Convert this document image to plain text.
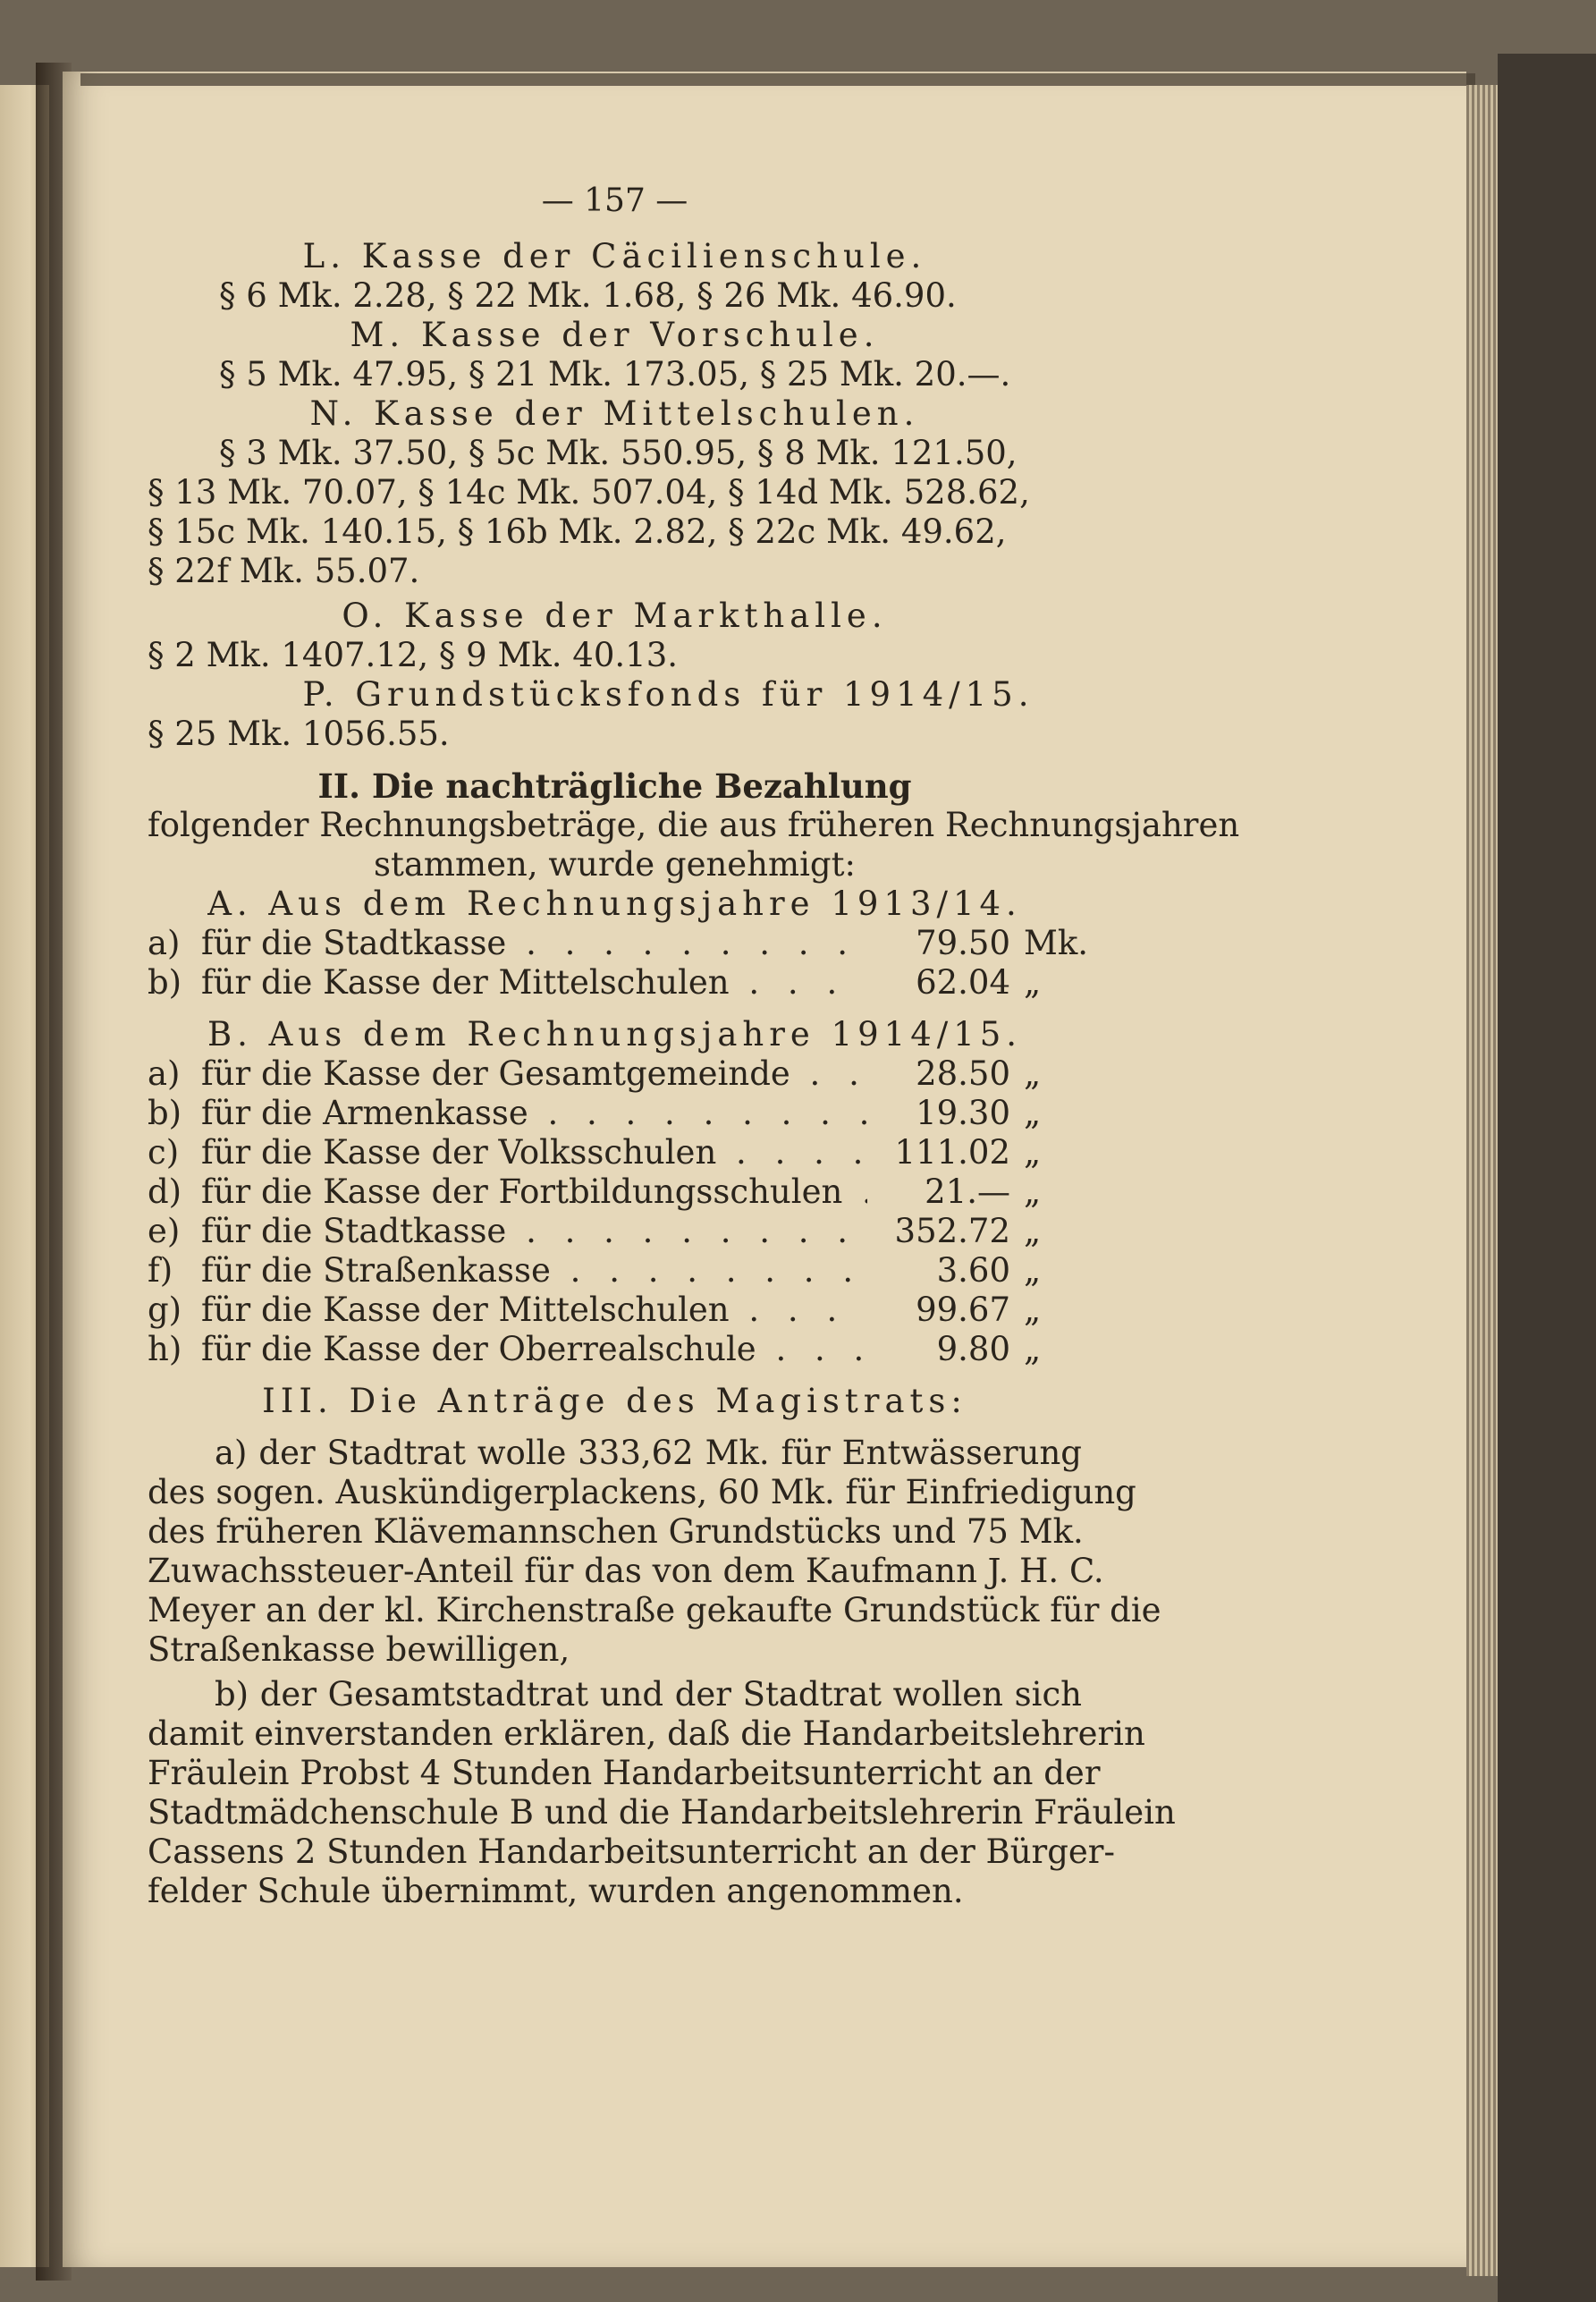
— 157 —
L. Kasse der Cäcilienschule.
§ 6 Mk. 2.28, § 22 Mk. 1.68, § 26 Mk. 46.90.
M. Kasse der Vorschule.
§ 5 Mk. 47.95, § 21 Mk. 173.05, § 25 Mk. 20.—.
N. Kasse der Mittelschulen.
§ 3 Mk. 37.50, § 5c Mk. 550.95, § 8 Mk. 121.50,
§ 13 Mk. 70.07, § 14c Mk. 507.04, § 14d Mk. 528.62,
§ 15c Mk. 140.15, § 16b Mk. 2.82, § 22c Mk. 49.62,
§ 22f Mk. 55.07.
O. Kasse der Markthalle.
§ 2 Mk. 1407.12, § 9 Mk. 40.13.
P. Grundstücksfonds für 1914/15.
§ 25 Mk. 1056.55.
II. Die nachträgliche Bezahlung
folgender Rechnungsbeträge, die aus früheren Rechnungsjahren
stammen, wurde genehmigt:
A. Aus dem Rechnungsjahre 1913/14.
a) für die Stadtkasse . . .	79.50 Mk.
b) für die Kasse der Mittelschulen . . .	62.04 „
B. Aus dem Rechnungsjahre 1914/15.
a) für die Kasse der Gesamtgemeinde . . .	28.50 „
b) für die Armenkasse . . .	19.30 „
c) für die Kasse der Volksschulen . . .	111.02 „
d) für die Kasse der Fortbildungsschulen . . .	21.— „
e) für die Stadtkasse . . .	352.72 „
f) für die Straßenkasse . . .	3.60 „
g) für die Kasse der Mittelschulen . . .	99.67 „
h) für die Kasse der Oberrealschule . . .	9.80 „
III. Die Anträge des Magistrats:
a) der Stadtrat wolle 333,62 Mk. für Entwässerung
des sogen. Auskündigerplackens, 60 Mk. für Einfriedigung
des früheren Klävemannschen Grundstücks und 75 Mk.
Zuwachssteuer-Anteil für das von dem Kaufmann J. H. C.
Meyer an der kl. Kirchenstraße gekaufte Grundstück für die
Straßenkasse bewilligen,
b) der Gesamtstadtrat und der Stadtrat wollen sich
damit einverstanden erklären, daß die Handarbeitslehrerin
Fräulein Probst 4 Stunden Handarbeitsunterricht an der
Stadtmädchenschule B und die Handarbeitslehrerin Fräulein
Cassens 2 Stunden Handarbeitsunterricht an der Bürger-
felder Schule übernimmt, wurden angenommen.
